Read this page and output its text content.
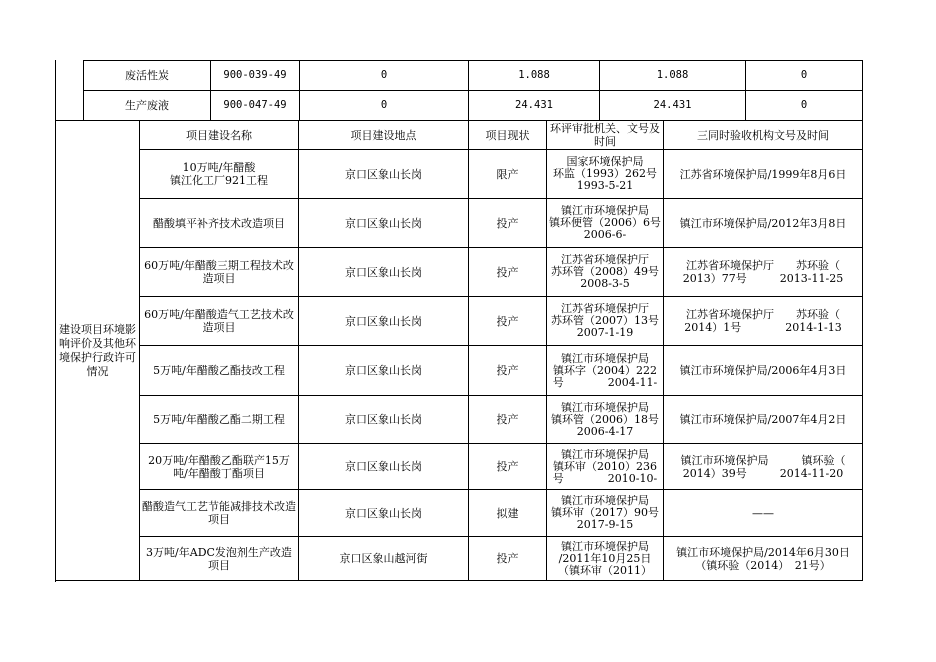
废活性炭	900-039-49	0	1.088	1.088	0
生产废液	900-047-49	0	24.431	24.431	0
建设项目环境影响评价及其他环境保护行政许可情况	项目建设名称	项目建设地点	项目现状	环评审批机关、文号及时间	三同时验收机构文号及时间

	10万吨/年醋酸
镇江化工厂921工程	京口区象山长岗	限产	国家环境保护局
环监（1993）262号
1993-5-21	江苏省环境保护局/1999年8月6日

	醋酸填平补齐技术改造项目	京口区象山长岗	投产	镇江市环境保护局
镇环便管（2006）6号　　　　2006-6-	镇江市环境保护局/2012年3月8日

	60万吨/年醋酸三期工程技术改造项目	京口区象山长岗	投产	江苏省环境保护厅
苏环管（2008）49号
2008-3-5	江苏省环境保护厅　　苏环验（
2013）77号　　　2013-11-25

	60万吨/年醋酸造气工艺技术改造项目	京口区象山长岗	投产	江苏省环境保护厅
苏环管（2007）13号
2007-1-19	江苏省环境保护厅　　苏环验（
2014）1号　　　　2014-1-13

	5万吨/年醋酸乙酯技改工程	京口区象山长岗	投产	镇江市环境保护局
镇环字（2004）222号　　　　2004-11-	镇江市环境保护局/2006年4月3日

	5万吨/年醋酸乙酯二期工程	京口区象山长岗	投产	镇江市环境保护局
镇环管（2006）18号
2006-4-17	镇江市环境保护局/2007年4月2日

	20万吨/年醋酸乙酯联产15万吨/年醋酸丁酯项目	京口区象山长岗	投产	镇江市环境保护局
镇环审（2010）236号　　　　2010-10-	镇江市环境保护局　　　镇环验（
2014）39号　　　2014-11-20

	醋酸造气工艺节能减排技术改造项目	京口区象山长岗	拟建	镇江市环境保护局
镇环审（2017）90号
2017-9-15	——

	3万吨/年ADC发泡剂生产改造项目	京口区象山越河街	投产	镇江市环境保护局
/2011年10月25日
（镇环审（2011）	镇江市环境保护局/2014年6月30日
（镇环验（2014）　21号）
